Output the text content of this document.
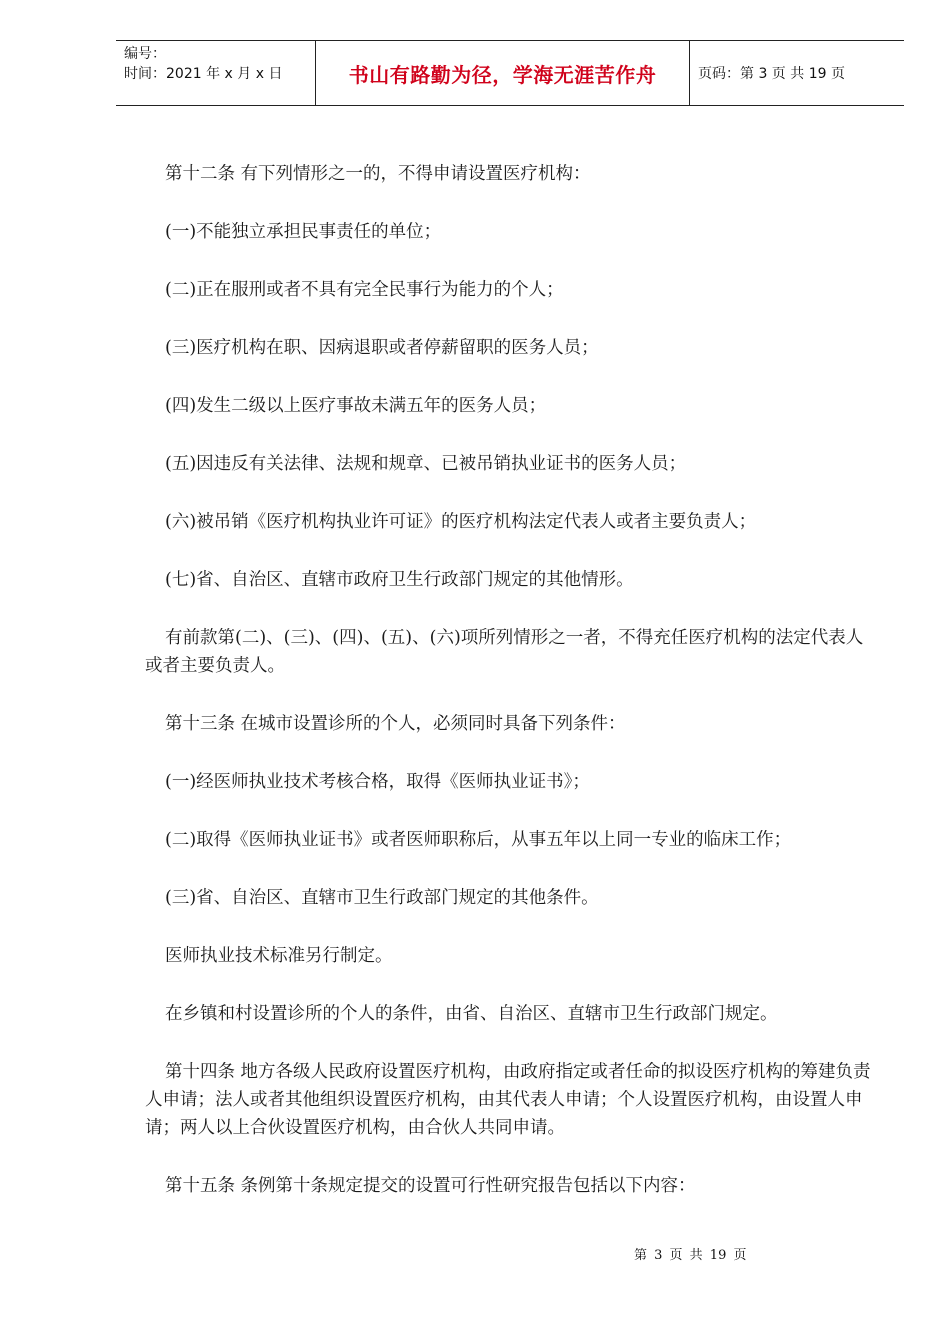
编号：
时间：2021 年 x 月 x 日	书山有路勤为径，学海无涯苦作舟	页码：第 3 页 共 19 页

第十二条 有下列情形之一的，不得申请设置医疗机构：

(一)不能独立承担民事责任的单位；

(二)正在服刑或者不具有完全民事行为能力的个人；

(三)医疗机构在职、因病退职或者停薪留职的医务人员；

(四)发生二级以上医疗事故未满五年的医务人员；

(五)因违反有关法律、法规和规章、已被吊销执业证书的医务人员；

(六)被吊销《医疗机构执业许可证》的医疗机构法定代表人或者主要负责人；

(七)省、自治区、直辖市政府卫生行政部门规定的其他情形。

有前款第(二)、(三)、(四)、(五)、(六)项所列情形之一者，不得充任医疗机构的法定代表人或者主要负责人。

第十三条 在城市设置诊所的个人，必须同时具备下列条件：

(一)经医师执业技术考核合格，取得《医师执业证书》；

(二)取得《医师执业证书》或者医师职称后，从事五年以上同一专业的临床工作；

(三)省、自治区、直辖市卫生行政部门规定的其他条件。

医师执业技术标准另行制定。

在乡镇和村设置诊所的个人的条件，由省、自治区、直辖市卫生行政部门规定。

第十四条 地方各级人民政府设置医疗机构，由政府指定或者任命的拟设医疗机构的筹建负责人申请；法人或者其他组织设置医疗机构，由其代表人申请；个人设置医疗机构，由设置人申请；两人以上合伙设置医疗机构，由合伙人共同申请。

第十五条 条例第十条规定提交的设置可行性研究报告包括以下内容：

第 3 页 共 19 页
